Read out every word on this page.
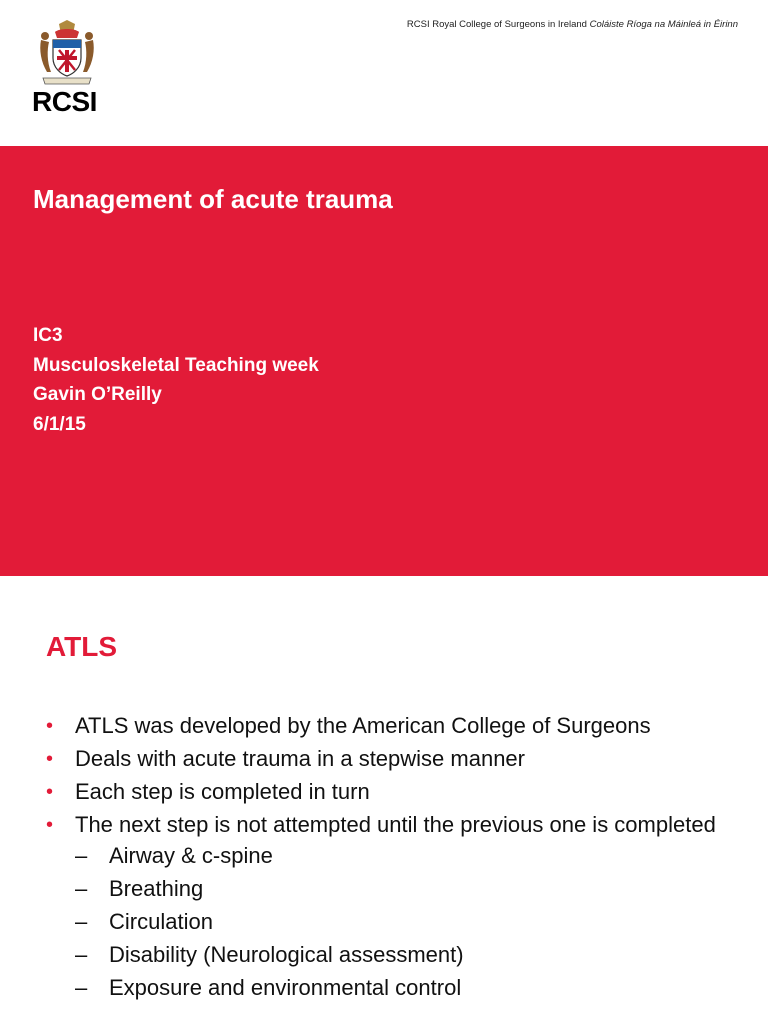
RCSI
RCSI Royal College of Surgeons in Ireland Coláiste Ríoga na Máinleá in Éirinn
Management of acute trauma
IC3
Musculoskeletal Teaching week
Gavin O’Reilly
6/1/15
ATLS
• ATLS was developed by the American College of Surgeons
• Deals with acute trauma in a stepwise manner
• Each step is completed in turn
• The next step is not attempted until the previous one is completed
– Airway & c-spine
– Breathing
– Circulation
– Disability (Neurological assessment)
– Exposure and environmental control
